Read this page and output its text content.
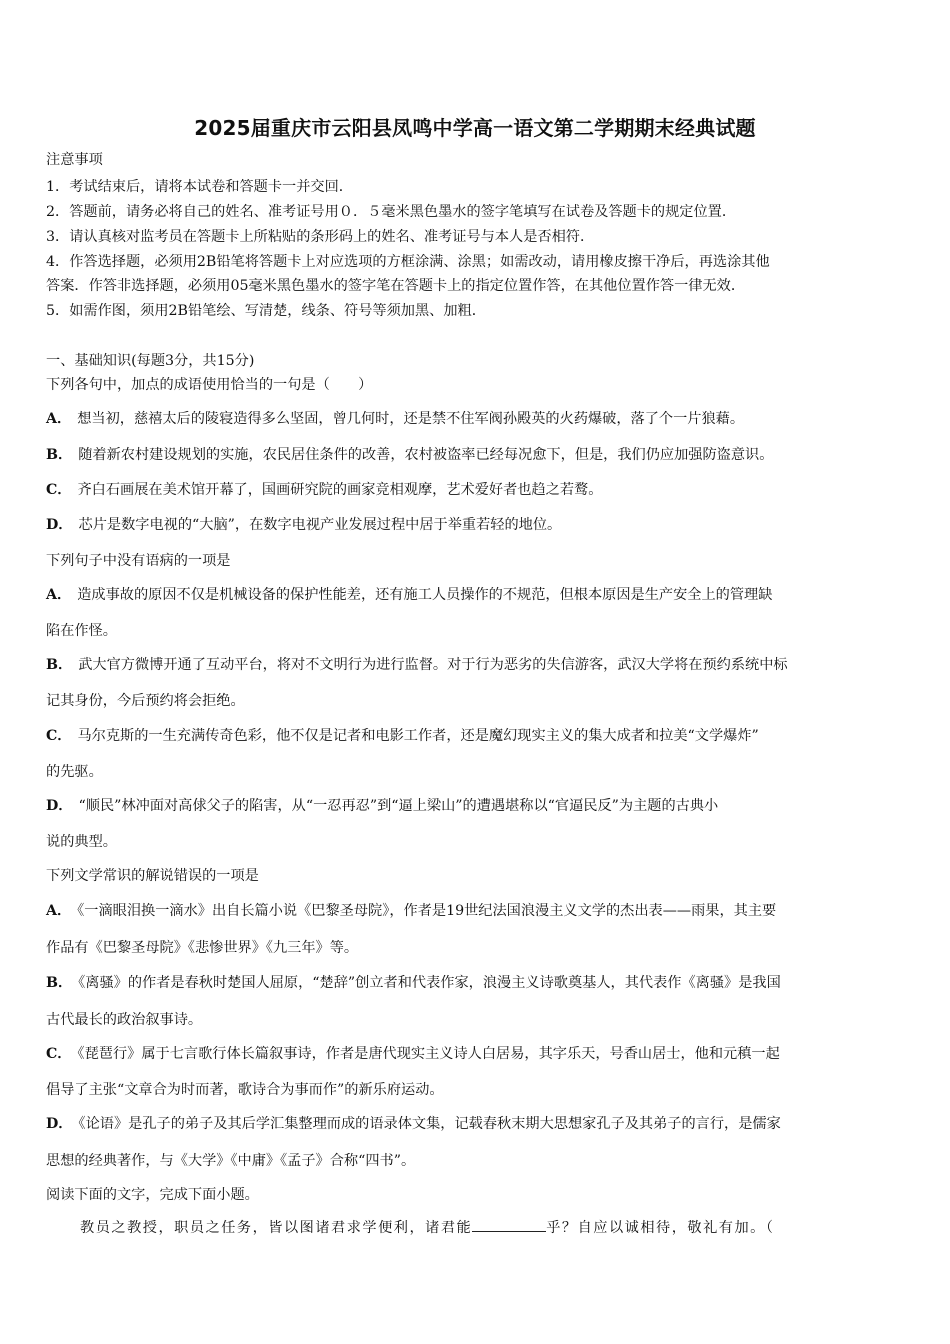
2025届重庆市云阳县凤鸣中学高一语文第二学期期末经典试题
注意事项
1．考试结束后，请将本试卷和答题卡一并交回．
2．答题前，请务必将自己的姓名、准考证号用０．５毫米黑色墨水的签字笔填写在试卷及答题卡的规定位置．
3．请认真核对监考员在答题卡上所粘贴的条形码上的姓名、准考证号与本人是否相符．
4．作答选择题，必须用2B铅笔将答题卡上对应选项的方框涂满、涂黑；如需改动，请用橡皮擦干净后，再选涂其他
答案．作答非选择题，必须用05毫米黑色墨水的签字笔在答题卡上的指定位置作答，在其他位置作答一律无效．
5．如需作图，须用2B铅笔绘、写清楚，线条、符号等须加黑、加粗．
一、基础知识(每题3分，共15分)
下列各句中，加点的成语使用恰当的一句是（　　）
A． 想当初，慈禧太后的陵寝造得多么坚固，曾几何时，还是禁不住军阀孙殿英的火药爆破，落了个一片狼藉。
B． 随着新农村建设规划的实施，农民居住条件的改善，农村被盗率已经每况愈下，但是，我们仍应加强防盗意识。
C． 齐白石画展在美术馆开幕了，国画研究院的画家竞相观摩，艺术爱好者也趋之若鹜。
D． 芯片是数字电视的“大脑”，在数字电视产业发展过程中居于举重若轻的地位。
下列句子中没有语病的一项是
A． 造成事故的原因不仅是机械设备的保护性能差，还有施工人员操作的不规范，但根本原因是生产安全上的管理缺
陷在作怪。
B． 武大官方微博开通了互动平台，将对不文明行为进行监督。对于行为恶劣的失信游客，武汉大学将在预约系统中标
记其身份，今后预约将会拒绝。
C． 马尔克斯的一生充满传奇色彩，他不仅是记者和电影工作者，还是魔幻现实主义的集大成者和拉美“文学爆炸”
的先驱。
D． “顺民”林冲面对高俅父子的陷害，从“一忍再忍”到“逼上梁山”的遭遇堪称以“官逼民反”为主题的古典小
说的典型。
下列文学常识的解说错误的一项是
A． 《一滴眼泪换一滴水》出自长篇小说《巴黎圣母院》，作者是19世纪法国浪漫主义文学的杰出表——雨果，其主要
作品有《巴黎圣母院》《悲惨世界》《九三年》等。
B． 《离骚》的作者是春秋时楚国人屈原，“楚辞”创立者和代表作家，浪漫主义诗歌奠基人，其代表作《离骚》是我国
古代最长的政治叙事诗。
C． 《琵琶行》属于七言歌行体长篇叙事诗，作者是唐代现实主义诗人白居易，其字乐天，号香山居士，他和元稹一起
倡导了主张“文章合为时而著，歌诗合为事而作”的新乐府运动。
D． 《论语》是孔子的弟子及其后学汇集整理而成的语录体文集，记载春秋末期大思想家孔子及其弟子的言行，是儒家
思想的经典著作，与《大学》《中庸》《孟子》合称“四书”。
阅读下面的文字，完成下面小题。
教员之教授，职员之任务，皆以图诸君求学便利，诸君能	乎？自应以诚相待，敬礼有加。（
